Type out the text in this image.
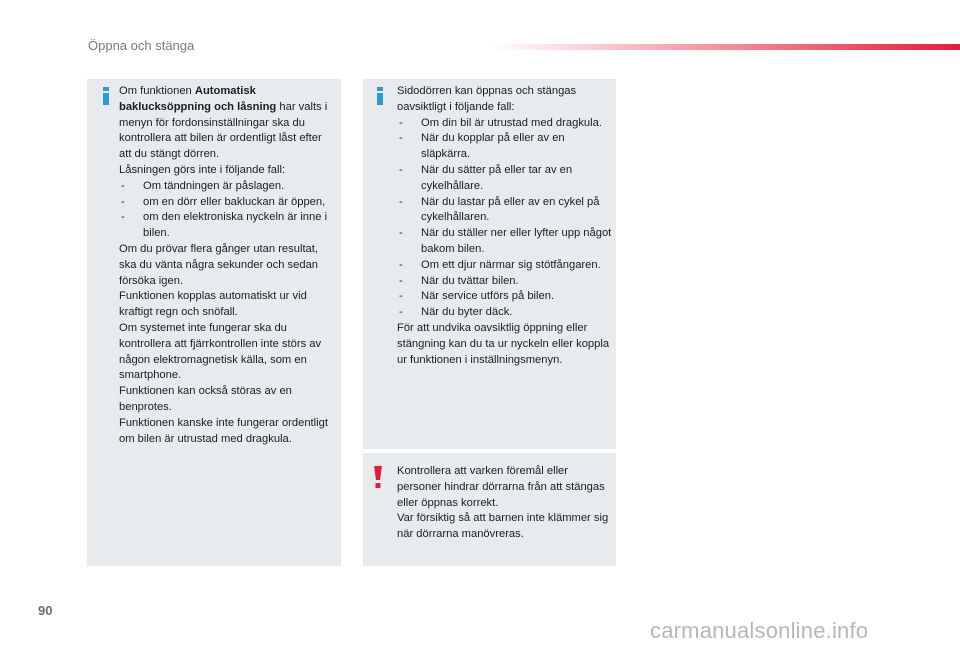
Öppna och stänga

Om funktionen Automatisk baklucksöppning och låsning har valts i menyn för fordonsinställningar ska du kontrollera att bilen är ordentligt låst efter att du stängt dörren.

Låsningen görs inte i följande fall:

- Om tändningen är påslagen.

- om en dörr eller bakluckan är öppen,

- om den elektroniska nyckeln är inne i bilen.

Om du prövar flera gånger utan resultat, ska du vänta några sekunder och sedan försöka igen.

Funktionen kopplas automatiskt ur vid kraftigt regn och snöfall.

Om systemet inte fungerar ska du kontrollera att fjärrkontrollen inte störs av någon elektromagnetisk källa, som en smartphone.

Funktionen kan också störas av en benprotes.

Funktionen kanske inte fungerar ordentligt om bilen är utrustad med dragkula.

Sidodörren kan öppnas och stängas oavsiktligt i följande fall:

- Om din bil är utrustad med dragkula.

- När du kopplar på eller av en släpkärra.

- När du sätter på eller tar av en cykelhållare.

- När du lastar på eller av en cykel på cykelhållaren.

- När du ställer ner eller lyfter upp något bakom bilen.

- Om ett djur närmar sig stötfångaren.

- När du tvättar bilen.

- När service utförs på bilen.

- När du byter däck.

För att undvika oavsiktlig öppning eller stängning kan du ta ur nyckeln eller koppla ur funktionen i inställningsmenyn.

Kontrollera att varken föremål eller personer hindrar dörrarna från att stängas eller öppnas korrekt.

Var försiktig så att barnen inte klämmer sig när dörrarna manövreras.

90
carmanualsonline.info
